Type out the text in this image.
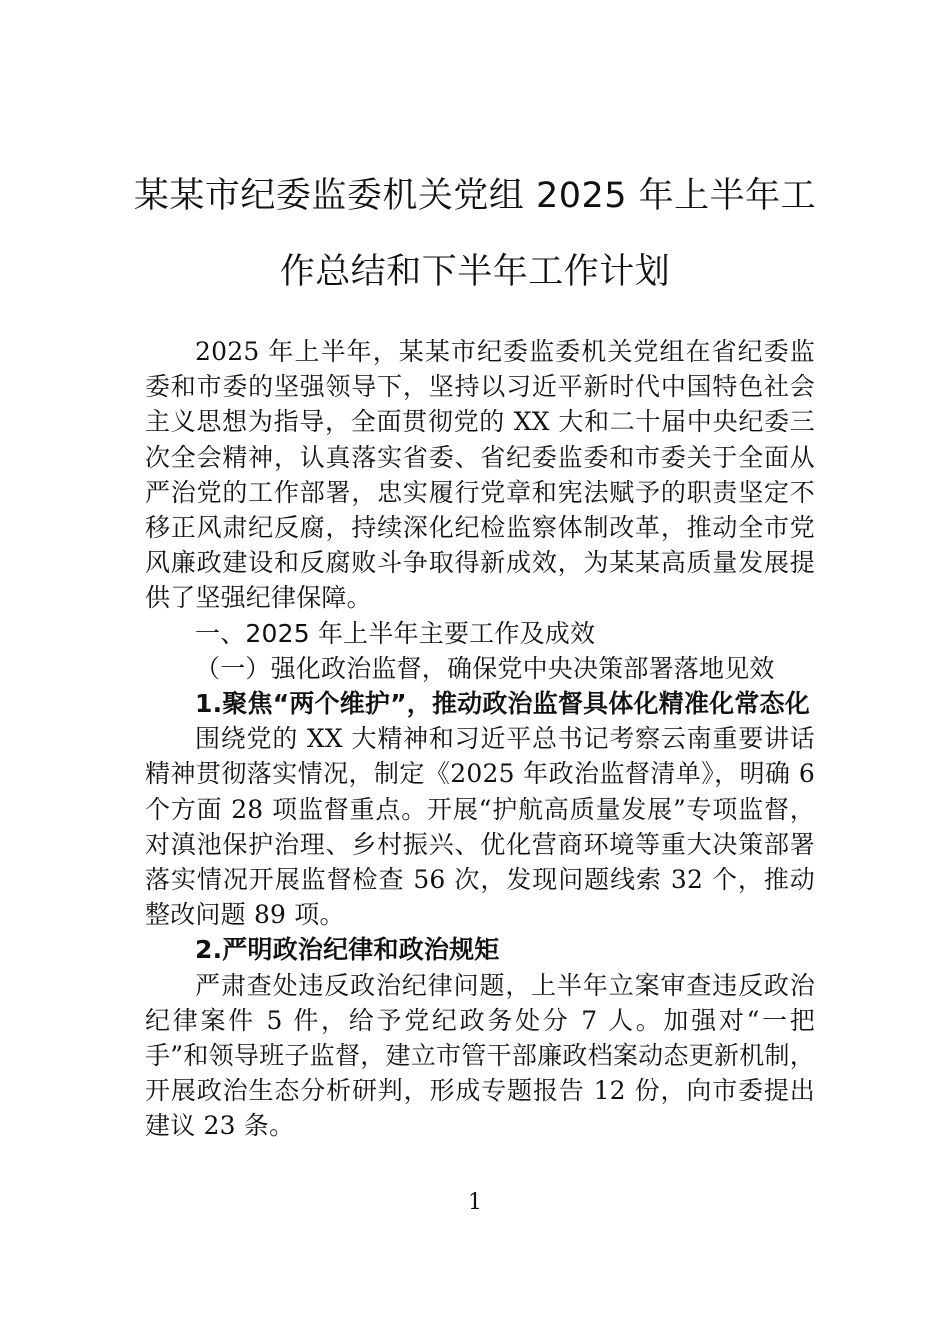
某某市纪委监委机关党组 2025 年上半年工
作总结和下半年工作计划

2025 年上半年，某某市纪委监委机关党组在省纪委监委和市委的坚强领导下，坚持以习近平新时代中国特色社会主义思想为指导，全面贯彻党的 XX 大和二十届中央纪委三次全会精神，认真落实省委、省纪委监委和市委关于全面从严治党的工作部署，忠实履行党章和宪法赋予的职责坚定不移正风肃纪反腐，持续深化纪检监察体制改革，推动全市党风廉政建设和反腐败斗争取得新成效，为某某高质量发展提供了坚强纪律保障。

一、2025 年上半年主要工作及成效

（一）强化政治监督，确保党中央决策部署落地见效

1.聚焦“两个维护”，推动政治监督具体化精准化常态化

围绕党的 XX 大精神和习近平总书记考察云南重要讲话精神贯彻落实情况，制定《2025 年政治监督清单》，明确 6 个方面 28 项监督重点。开展“护航高质量发展”专项监督，对滇池保护治理、乡村振兴、优化营商环境等重大决策部署落实情况开展监督检查 56 次，发现问题线索 32 个，推动整改问题 89 项。

2.严明政治纪律和政治规矩

严肃查处违反政治纪律问题，上半年立案审查违反政治纪律案件 5 件，给予党纪政务处分 7 人。加强对“一把手”和领导班子监督，建立市管干部廉政档案动态更新机制，开展政治生态分析研判，形成专题报告 12 份，向市委提出建议 23 条。

1
